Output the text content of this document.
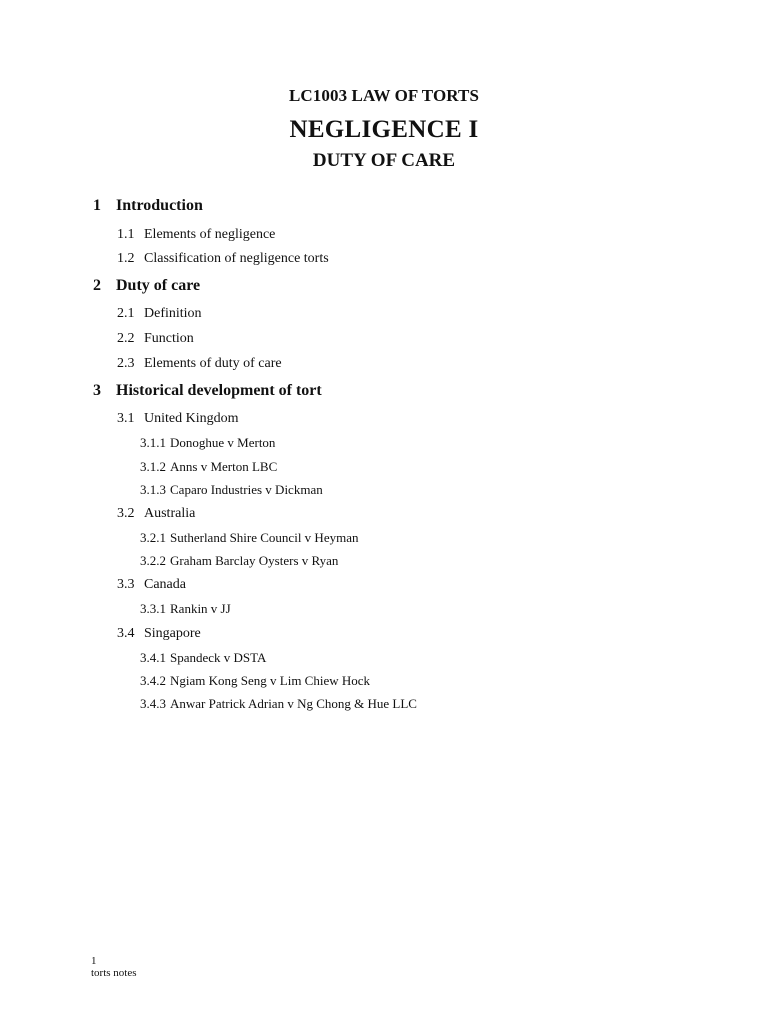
LC1003 LAW OF TORTS
NEGLIGENCE I
DUTY OF CARE
1 Introduction
1.1 Elements of negligence
1.2 Classification of negligence torts
2 Duty of care
2.1 Definition
2.2 Function
2.3 Elements of duty of care
3 Historical development of tort
3.1 United Kingdom
3.1.1 Donoghue v Merton
3.1.2 Anns v Merton LBC
3.1.3 Caparo Industries v Dickman
3.2 Australia
3.2.1 Sutherland Shire Council v Heyman
3.2.2 Graham Barclay Oysters v Ryan
3.3 Canada
3.3.1 Rankin v JJ
3.4 Singapore
3.4.1 Spandeck v DSTA
3.4.2 Ngiam Kong Seng v Lim Chiew Hock
3.4.3 Anwar Patrick Adrian v Ng Chong & Hue LLC
1
torts notes
